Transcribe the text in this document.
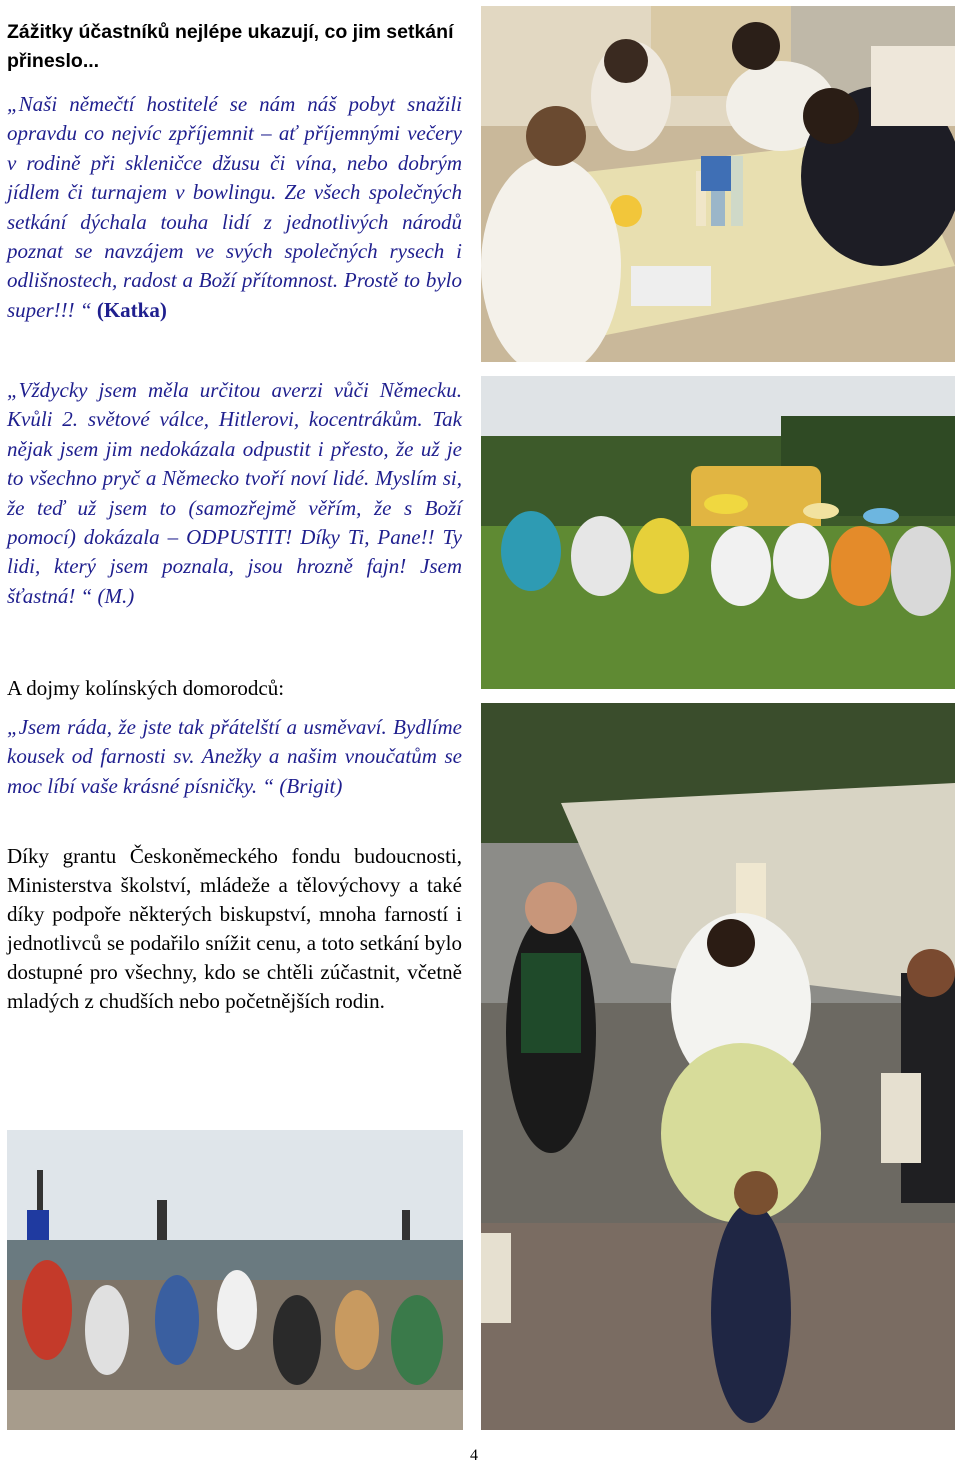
Zážitky účastníků nejlépe ukazují, co jim setkání přineslo...

„Naši němečtí hostitelé se nám náš pobyt snažili opravdu co nejvíc zpříjemnit – ať příjemnými večery v rodině při skleničce džusu či vína, nebo dobrým jídlem či turnajem v bowlingu. Ze všech společných setkání dýchala touha lidí z jednotlivých národů poznat se navzájem ve svých společných rysech i odlišnostech, radost a Boží přítomnost. Prostě to bylo super!!! “ (Katka)

„Vždycky jsem měla určitou averzi vůči Německu. Kvůli 2. světové válce, Hitlerovi, kocentrákům. Tak nějak jsem jim nedokázala odpustit i přesto, že už je to všechno pryč a Německo tvoří noví lidé. Myslím si, že teď už jsem to (samozřejmě věřím, že s Boží pomocí) dokázala – ODPUSTIT! Díky Ti, Pane!! Ty lidi, který jsem poznala, jsou hrozně fajn! Jsem šťastná! “ (M.)

A dojmy kolínských domorodců:

„Jsem ráda, že jste tak přátelští a usměvaví. Bydlíme kousek od farnosti sv. Anežky a našim vnoučatům se moc líbí vaše krásné písničky. “ (Brigit)

Díky grantu Českoněmeckého fondu budoucnosti, Ministerstva školství, mládeže a tělovýchovy a také díky podpoře některých biskupství, mnoha farností i jednotlivců se podařilo snížit cenu, a toto setkání bylo dostupné pro všechny, kdo se chtěli zúčastnit, včetně mladých z chudších nebo početnějších rodin.

4
